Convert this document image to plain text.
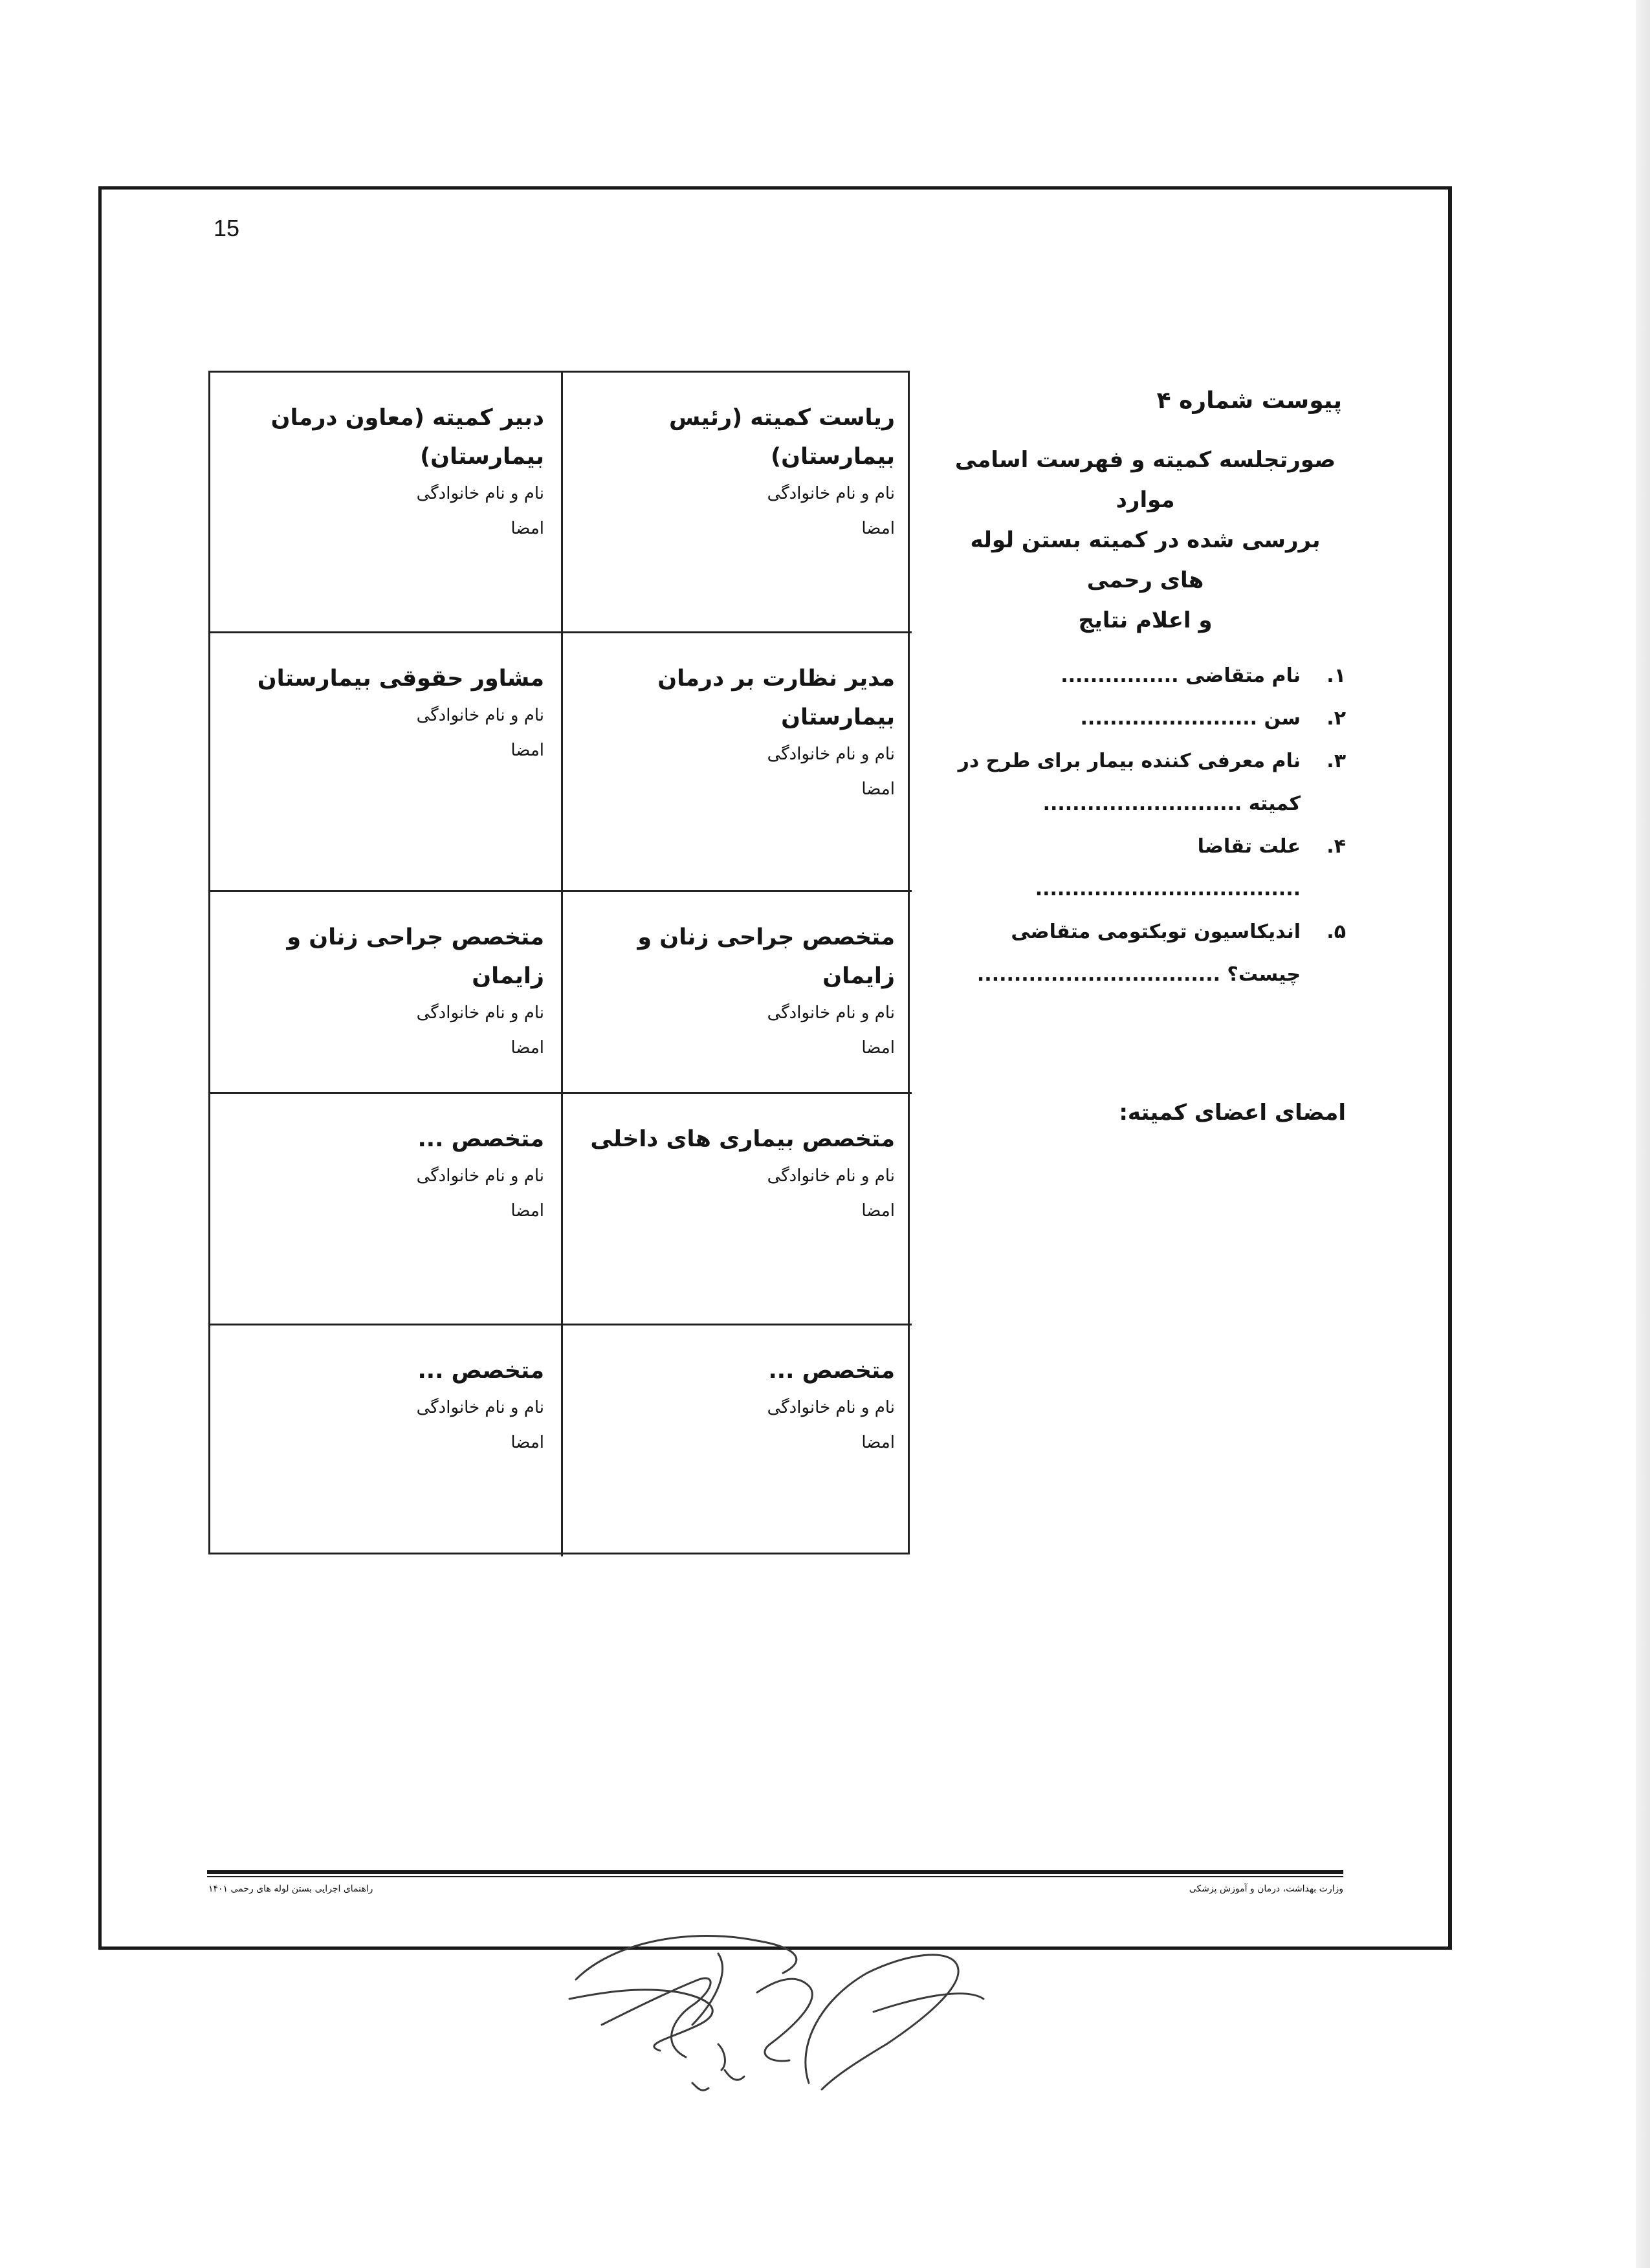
15
دبیر کمیته (معاون درمان
بیمارستان)
نام و نام خانوادگی
امضا
ریاست کمیته (رئیس بیمارستان)
نام و نام خانوادگی
امضا
مشاور حقوقی بیمارستان
نام و نام خانوادگی
امضا
مدیر نظارت بر درمان بیمارستان
نام و نام خانوادگی
امضا
متخصص جراحی زنان و زایمان
نام و نام خانوادگی
امضا
متخصص جراحی زنان و زایمان
نام و نام خانوادگی
امضا
متخصص ...
نام و نام خانوادگی
امضا
متخصص بیماری های داخلی
نام و نام خانوادگی
امضا
متخصص ...
نام و نام خانوادگی
امضا
متخصص ...
نام و نام خانوادگی
امضا
پیوست شماره ۴
صورتجلسه کمیته و فهرست اسامی موارد
بررسی شده در کمیته بستن لوله های رحمی
و اعلام نتایج
۱.
نام متقاضی ................
۲.
سن ........................
۳.
نام معرفی کننده بیمار برای طرح در
کمیته ...........................
۴.
علت تقاضا ....................................
۵.
اندیکاسیون توبکتومی متقاضی
چیست؟ .................................
امضای اعضای کمیته:
راهنمای اجرایی بستن لوله های رحمی ۱۴۰۱	وزارت بهداشت، درمان و آموزش پزشکی
